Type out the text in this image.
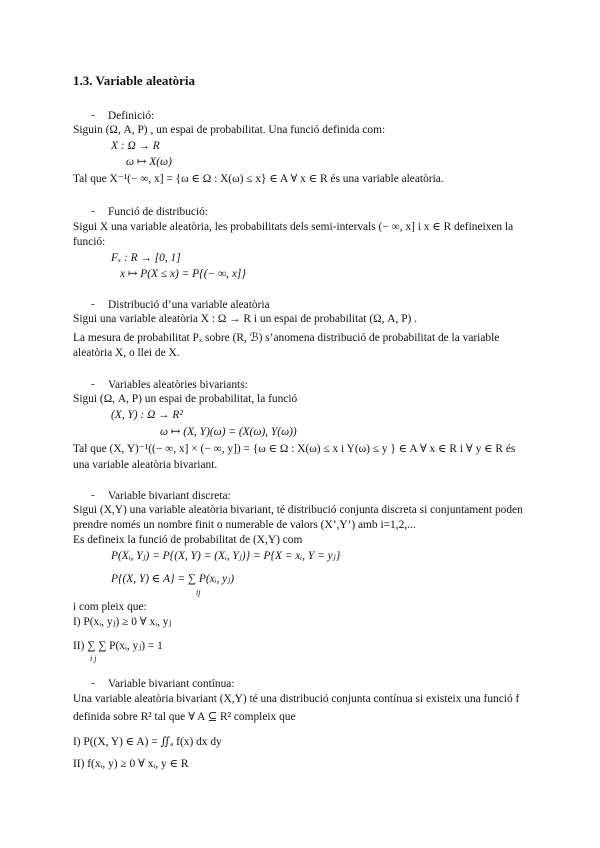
1.3. Variable aleatòria
- Definició:
Siguin (Ω, A, P) , un espai de probabilitat. Una funció definida com:
X : Ω → R
ω ↦ X(ω)
Tal que X⁻¹(− ∞, x] = {ω ∈ Ω : X(ω) ≤ x} ∈ A ∀ x ∈ R és una variable aleatòria.
- Funció de distribució:
Sigui X una variable aleatòria, les probabilitats dels semi-intervals (− ∞, x] i x ∈ R defineixen la
funció:
Fₓ : R → [0, 1]
x ↦ P(X ≤ x) = P{(− ∞, x]}
- Distribució d’una variable aleatòria
Sigui una variable aleatòria X : Ω → R i un espai de probabilitat (Ω, A, P) .
La mesura de probabilitat Pₓ sobre (R, ℬ) s’anomena distribució de probabilitat de la variable
aleatòria X, o llei de X.
- Variables aleatòries bivariants:
Sigui (Ω, A, P) un espai de probabilitat, la funció
(X, Y) : Ω → R²
ω ↦ (X, Y)(ω) = (X(ω), Y(ω))
Tal que (X, Y)⁻¹((− ∞, x] × (− ∞, y]) = {ω ∈ Ω : X(ω) ≤ x i Y(ω) ≤ y } ∈ A ∀ x ∈ R i ∀ y ∈ R és
una variable aleatòria bivariant.
- Variable bivariant discreta:
Sigui (X,Y) una variable aleatòria bivariant, té distribució conjunta discreta si conjuntament poden
prendre només un nombre finit o numerable de valors (X’,Y’) amb i=1,2,...
Es defineix la funció de probabilitat de (X,Y) com
P(Xᵢ, Yⱼ) = P{(X, Y) = (Xᵢ, Yⱼ)} = P{X = xᵢ, Y = yⱼ}
P{(X, Y) ∈ A} = ∑ P(xᵢ, yⱼ)
ij
i com pleix que:
I) P(xᵢ, yⱼ) ≥ 0 ∀ xᵢ, yⱼ
II) ∑ ∑ P(xᵢ, yⱼ) = 1
i j
- Variable bivariant contínua:
Una variable aleatòria bivariant (X,Y) té una distribució conjunta contínua si existeix una funció f
definida sobre R² tal que ∀ A ⊆ R² compleix que
I) P((X, Y) ∈ A) = ∬ₐ f(x) dx dy
II) f(xᵢ, y) ≥ 0 ∀ xᵢ, y ∈ R
